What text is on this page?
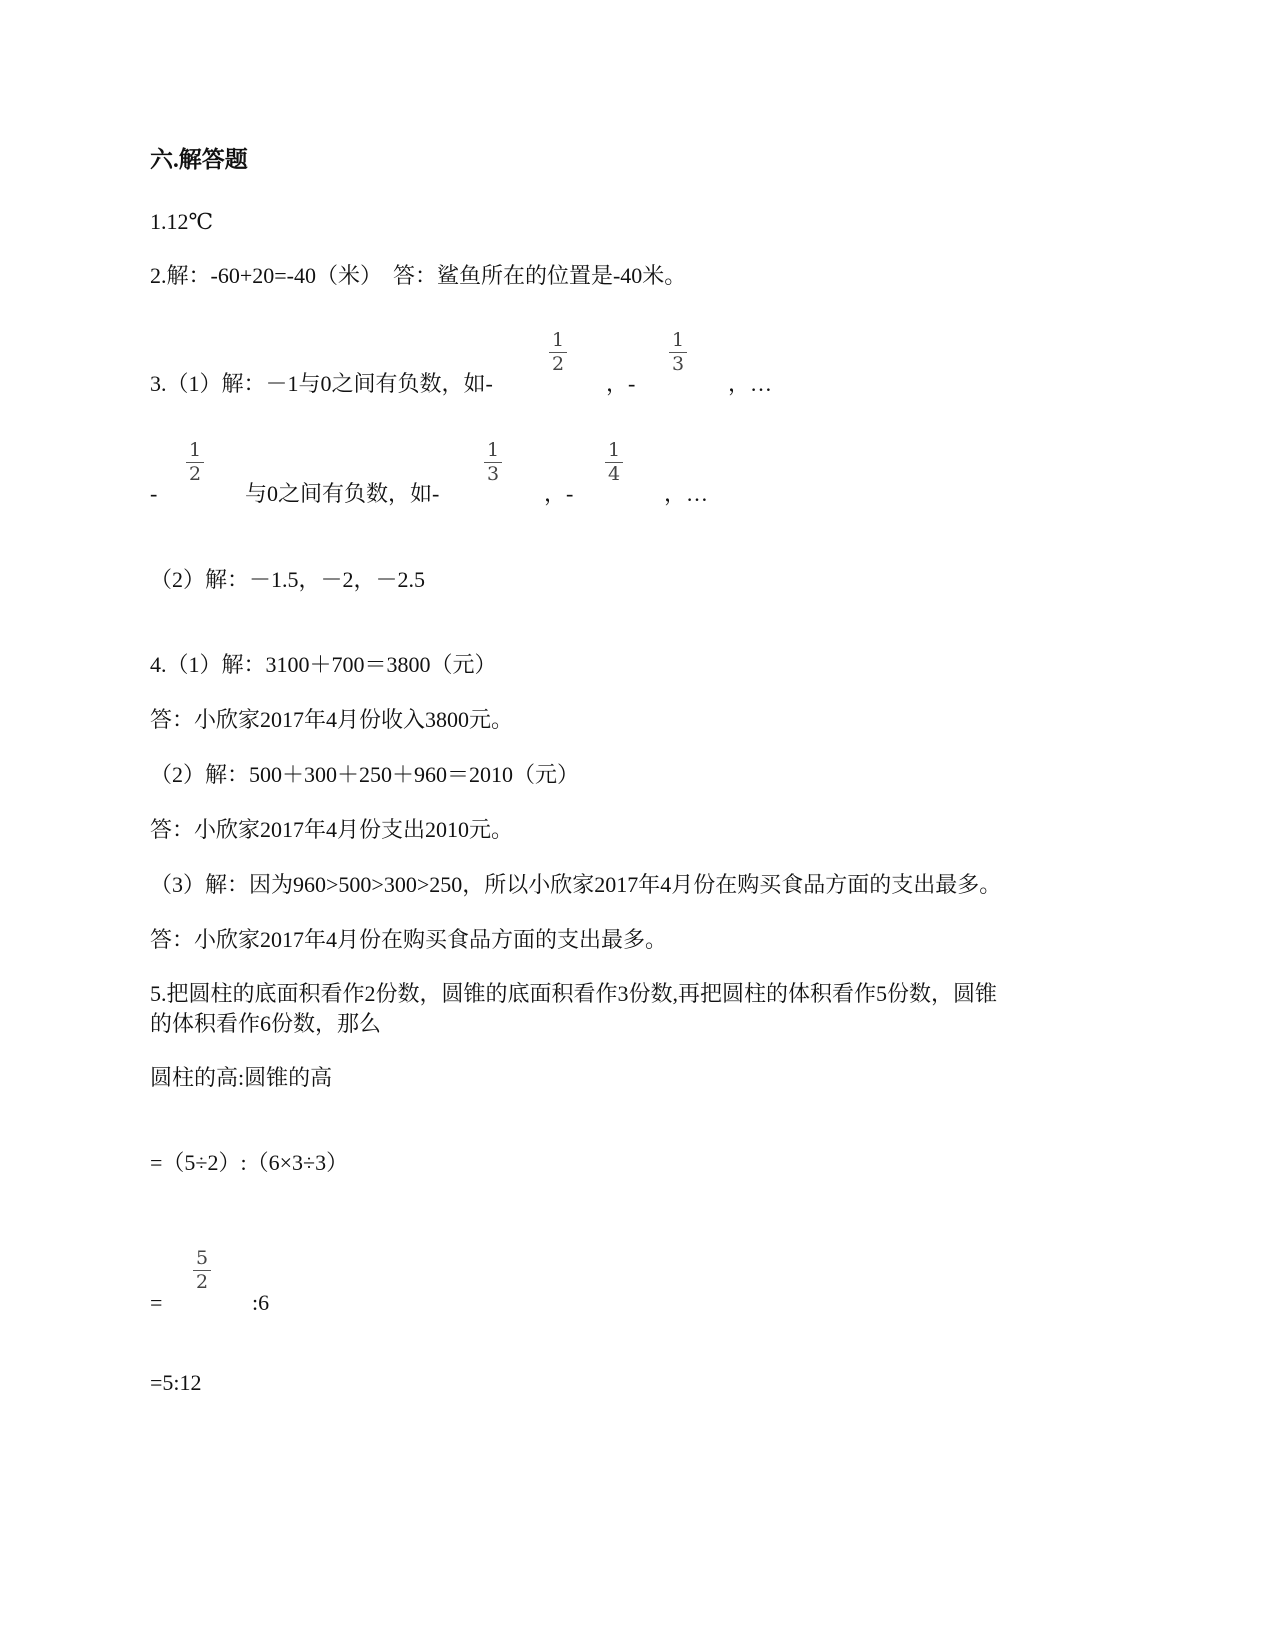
六.解答题
1.12℃
2.解：-60+20=-40（米）　答：鲨鱼所在的位置是-40米。
3.（1）解：－1与0之间有负数，如-
1
2
，-
1
3
，…
-
1
2
与0之间有负数，如-
1
3
，-
1
4
，…
（2）解：－1.5，－2，－2.5
4.（1）解：3100＋700＝3800（元）
答：小欣家2017年4月份收入3800元。
（2）解：500＋300＋250＋960＝2010（元）
答：小欣家2017年4月份支出2010元。
（3）解：因为960>500>300>250，所以小欣家2017年4月份在购买食品方面的支出最多。
答：小欣家2017年4月份在购买食品方面的支出最多。
5.把圆柱的底面积看作2份数，圆锥的底面积看作3份数,再把圆柱的体积看作5份数，圆锥
的体积看作6份数，那么
圆柱的高:圆锥的高
=（5÷2）:（6×3÷3）
=
5
2
:6
=5:12
